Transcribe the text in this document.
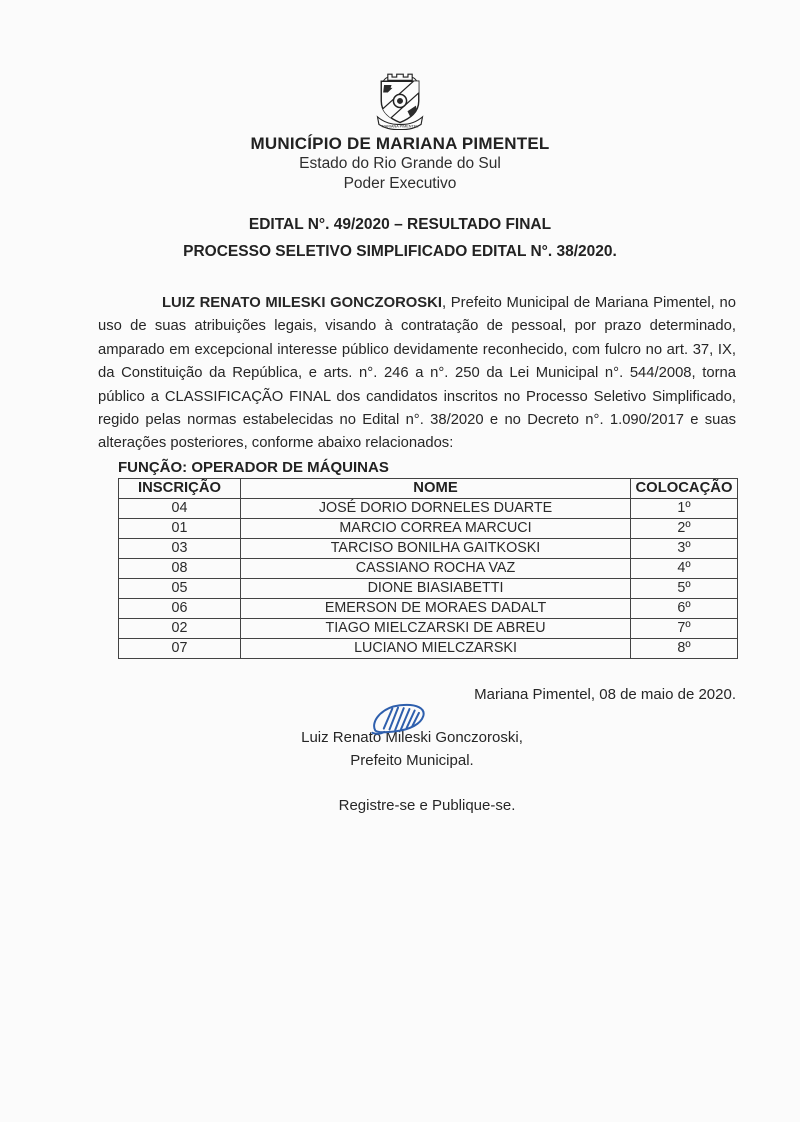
MARIANA PIMENTEL

MUNICÍPIO DE MARIANA PIMENTEL

Estado do Rio Grande do Sul

Poder Executivo

EDITAL N°. 49/2020 – RESULTADO FINAL

PROCESSO SELETIVO SIMPLIFICADO EDITAL N°. 38/2020.

LUIZ RENATO MILESKI GONCZOROSKI, Prefeito Municipal de Mariana Pimentel, no uso de suas atribuições legais, visando à contratação de pessoal, por prazo determinado, amparado em excepcional interesse público devidamente reconhecido, com fulcro no art. 37, IX, da Constituição da República, e arts. n°. 246 a n°. 250 da Lei Municipal n°. 544/2008, torna público a CLASSIFICAÇÃO FINAL dos candidatos inscritos no Processo Seletivo Simplificado, regido pelas normas estabelecidas no Edital n°. 38/2020 e no Decreto n°. 1.090/2017 e suas alterações posteriores, conforme abaixo relacionados:

FUNÇÃO: OPERADOR DE MÁQUINAS

INSCRIÇÃO	NOME	COLOCAÇÃO
04	JOSÉ DORIO DORNELES DUARTE	1º
01	MARCIO CORREA MARCUCI	2º
03	TARCISO BONILHA GAITKOSKI	3º
08	CASSIANO ROCHA VAZ	4º
05	DIONE BIASIABETTI	5º
06	EMERSON DE MORAES DADALT	6º
02	TIAGO MIELCZARSKI DE ABREU	7º
07	LUCIANO MIELCZARSKI	8º

Mariana Pimentel, 08 de maio de 2020.

Luiz Renato Mileski Gonczoroski,

Prefeito Municipal.

Registre-se e Publique-se.
